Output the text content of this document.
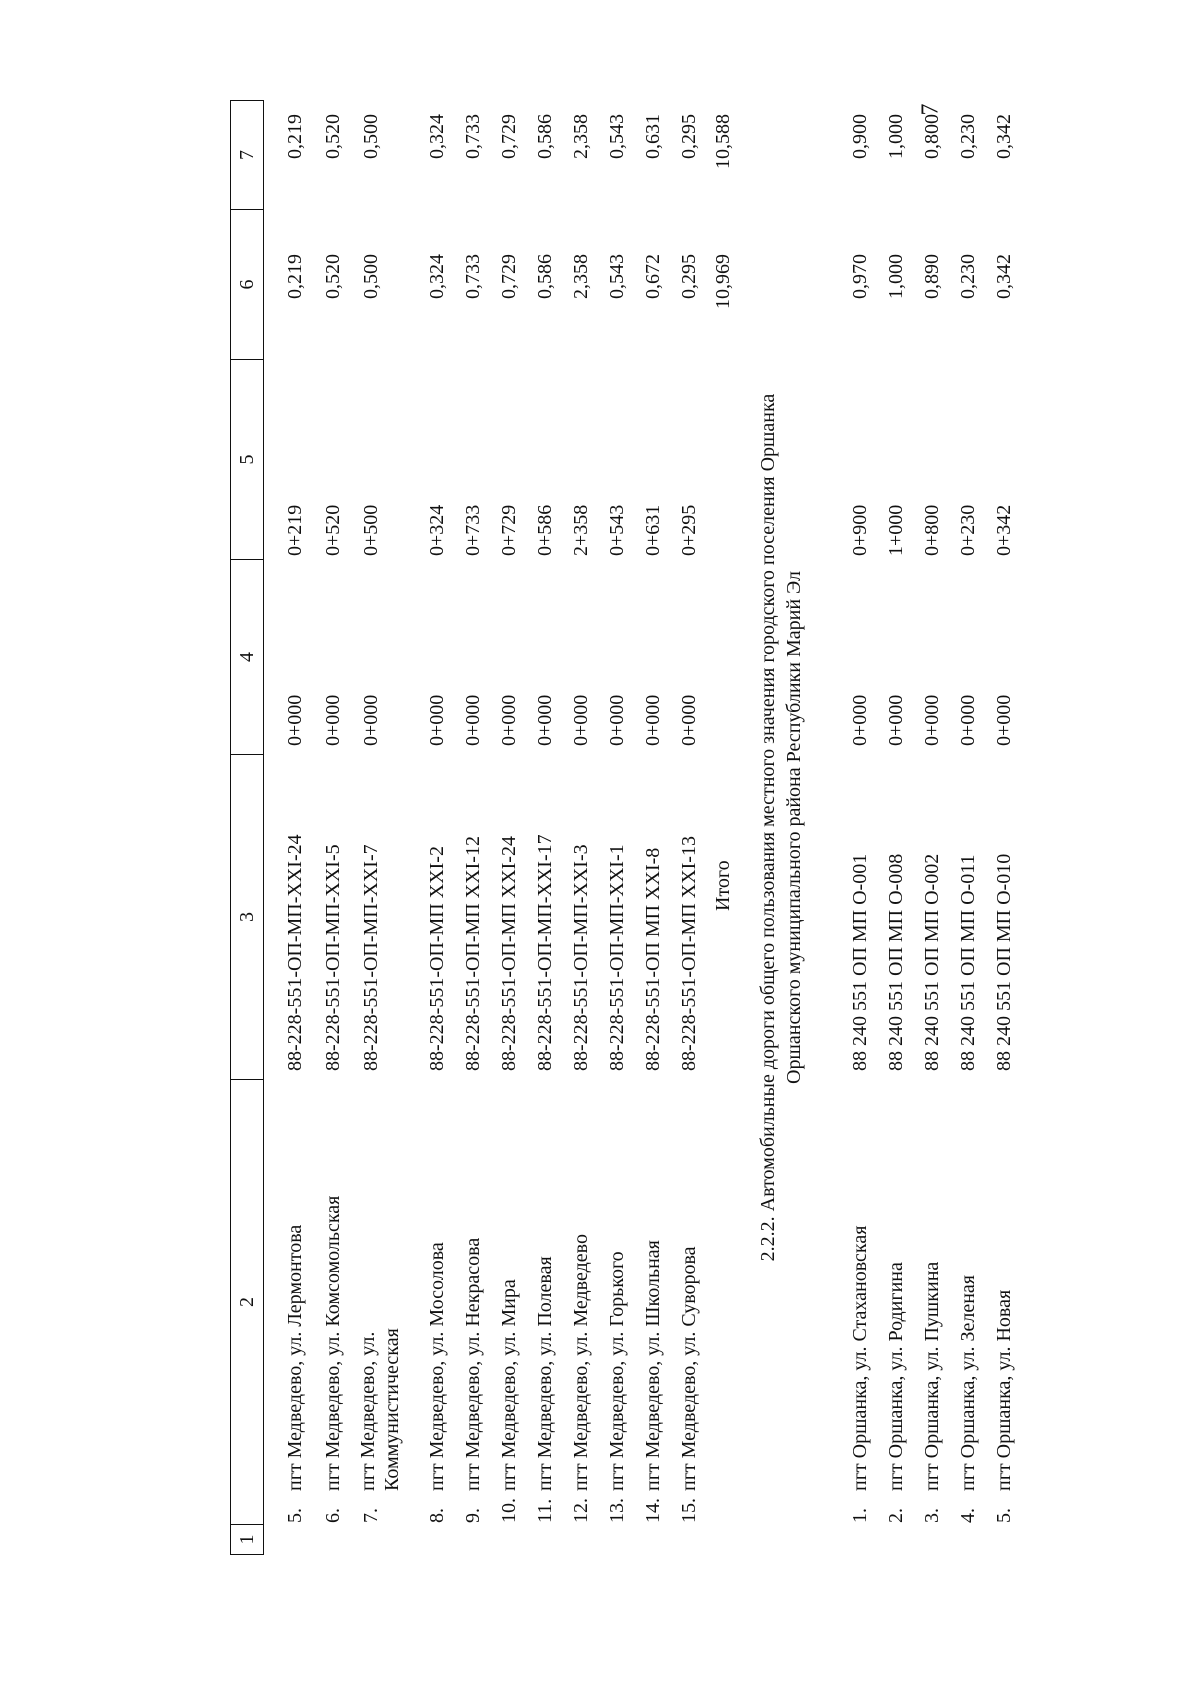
7
1
2
3
4
5
6
7
5.
пгт Медведево, ул. Лермонтова
88-228-551-ОП-МП-XXI-24
0+000
0+219
0,219
0,219
6.
пгт Медведево, ул. Комсомольская
88-228-551-ОП-МП-XXI-5
0+000
0+520
0,520
0,520
7.
пгт Медведево, ул. Коммунистическая
88-228-551-ОП-МП-XXI-7
0+000
0+500
0,500
0,500
8.
пгт Медведево, ул. Мосолова
88-228-551-ОП-МП XXI-2
0+000
0+324
0,324
0,324
9.
пгт Медведево, ул. Некрасова
88-228-551-ОП-МП XXI-12
0+000
0+733
0,733
0,733
10.
пгт Медведево, ул. Мира
88-228-551-ОП-МП XXI-24
0+000
0+729
0,729
0,729
11.
пгт Медведево, ул. Полевая
88-228-551-ОП-МП-XXI-17
0+000
0+586
0,586
0,586
12.
пгт Медведево, ул. Медведево
88-228-551-ОП-МП-XXI-3
0+000
2+358
2,358
2,358
13.
пгт Медведево, ул. Горького
88-228-551-ОП-МП-XXI-1
0+000
0+543
0,543
0,543
14.
пгт Медведево, ул. Школьная
88-228-551-ОП МП XXI-8
0+000
0+631
0,672
0,631
15.
пгт Медведево, ул. Суворова
88-228-551-ОП-МП XXI-13
0+000
0+295
0,295
0,295
Итого
10,969
10,588
2.2.2. Автомобильные дороги общего пользования местного значения городского поселения Оршанка Оршанского муниципального района Республики Марий Эл
1.
пгт Оршанка, ул. Стахановская
88 240 551 ОП МП О-001
0+000
0+900
0,970
0,900
2.
пгт Оршанка, ул. Родигина
88 240 551 ОП МП О-008
0+000
1+000
1,000
1,000
3.
пгт Оршанка, ул. Пушкина
88 240 551 ОП МП О-002
0+000
0+800
0,890
0,800
4.
пгт Оршанка, ул. Зеленая
88 240 551 ОП МП О-011
0+000
0+230
0,230
0,230
5.
пгт Оршанка, ул. Новая
88 240 551 ОП МП О-010
0+000
0+342
0,342
0,342
